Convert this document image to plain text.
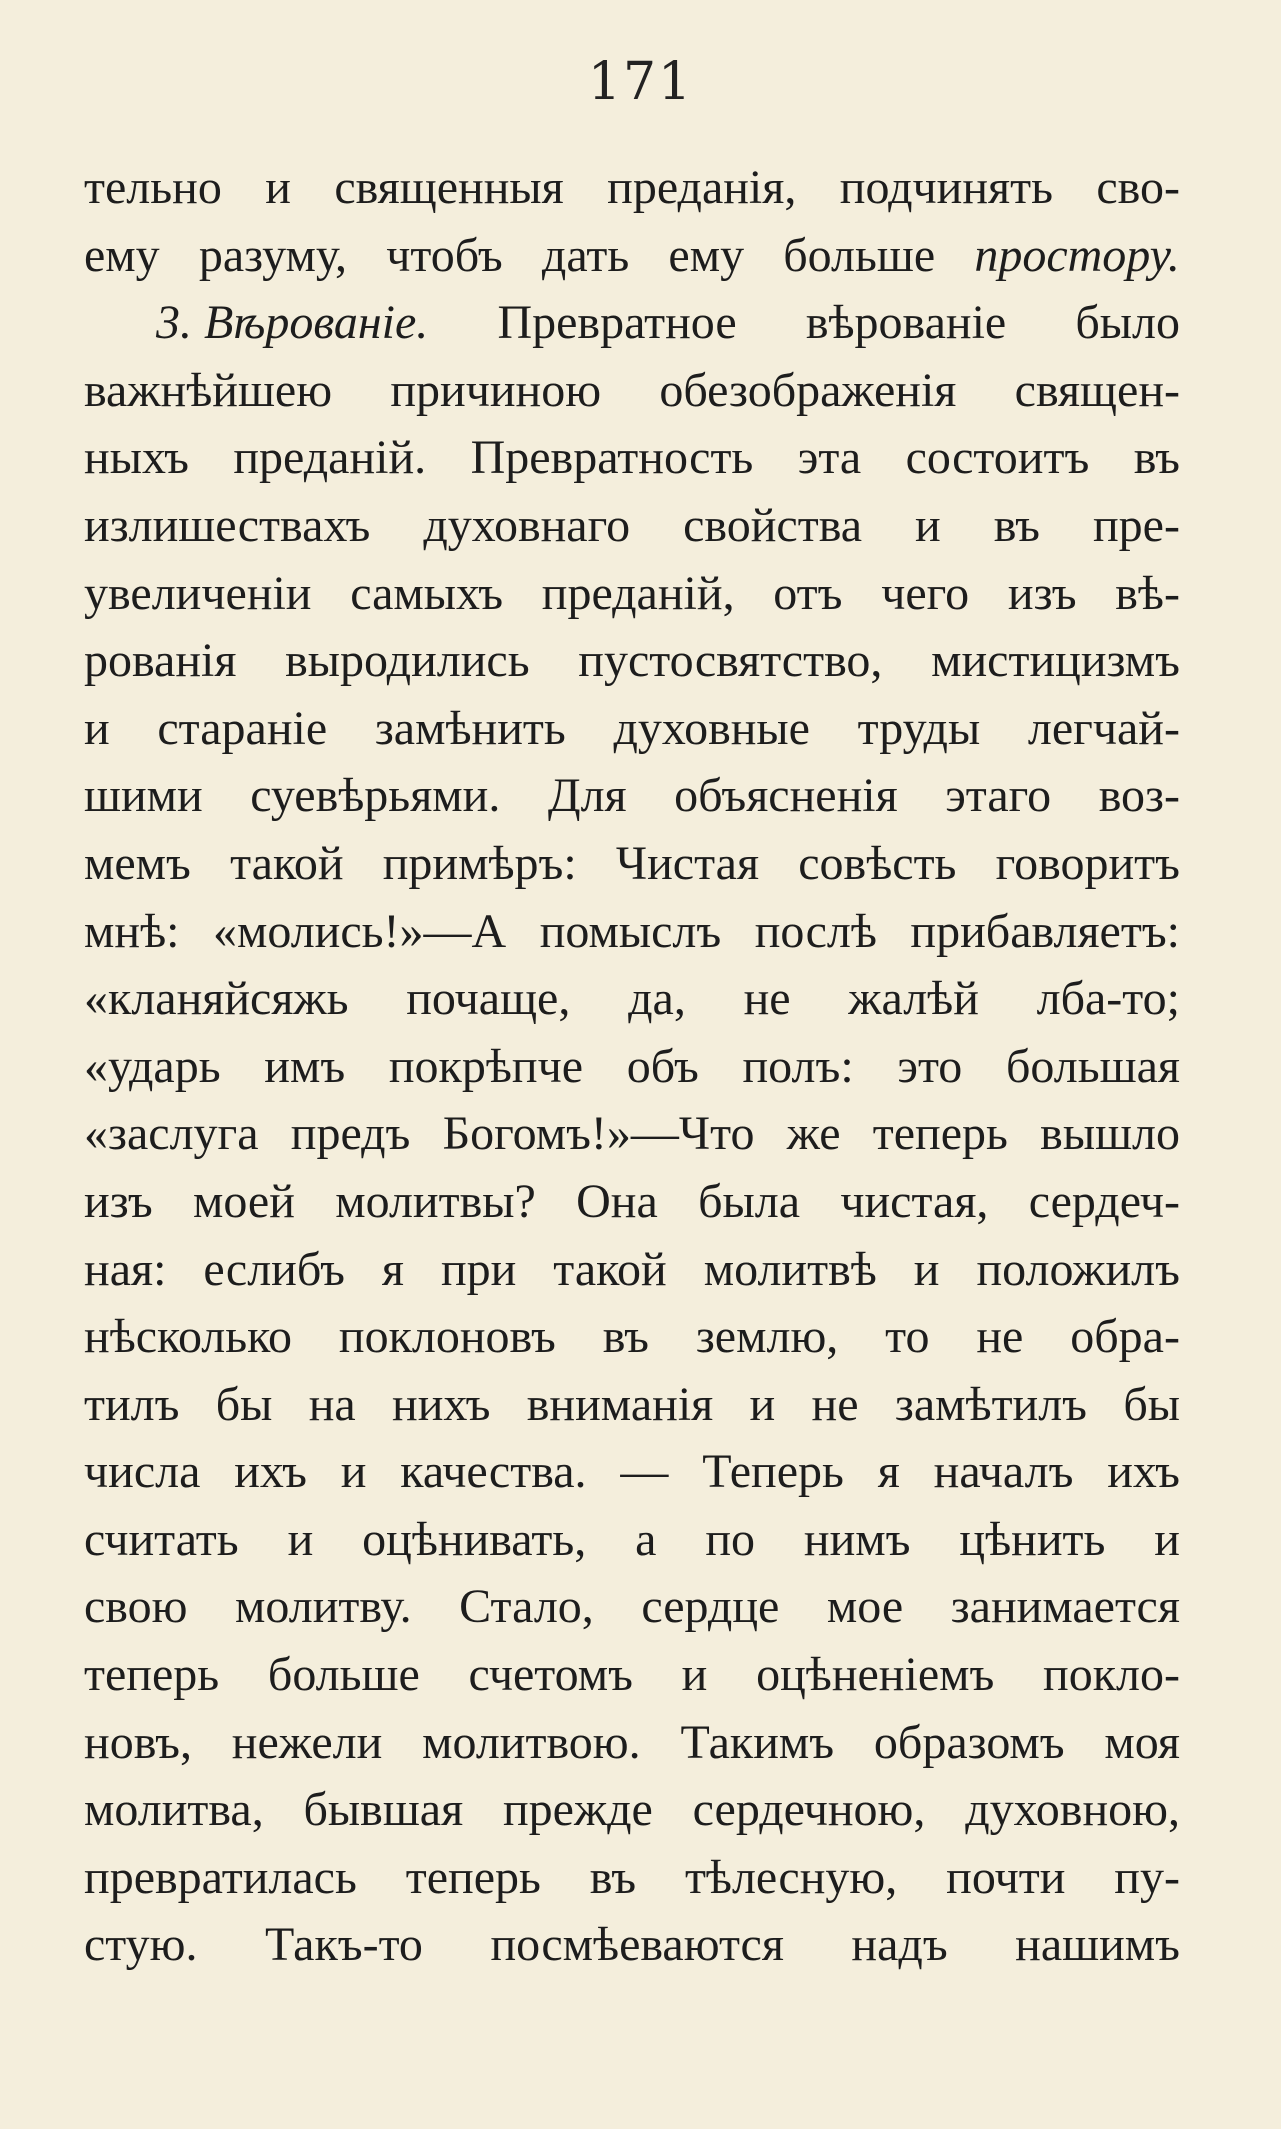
171
тельно и священныя преданія, подчинять сво-
ему разуму, чтобъ дать ему больше простору.
3. Вѣрованіе. Превратное вѣрованіе было
важнѣйшею причиною обезображенія священ-
ныхъ преданій. Превратность эта состоитъ въ
излишествахъ духовнаго свойства и въ пре-
увеличеніи самыхъ преданій, отъ чего изъ вѣ-
рованія выродились пустосвятство, мистицизмъ
и стараніе замѣнить духовные труды легчай-
шими суевѣрьями. Для объясненія этаго воз-
мемъ такой примѣръ: Чистая совѣсть говоритъ
мнѣ: «молись!»—А помыслъ послѣ прибавляетъ:
«кланяйсяжь почаще, да, не жалѣй лба-то;
«ударь имъ покрѣпче объ полъ: это большая
«заслуга предъ Богомъ!»—Что же теперь вышло
изъ моей молитвы? Она была чистая, сердеч-
ная: еслибъ я при такой молитвѣ и положилъ
нѣсколько поклоновъ въ землю, то не обра-
тилъ бы на нихъ вниманія и не замѣтилъ бы
числа ихъ и качества. — Теперь я началъ ихъ
считать и оцѣнивать, а по нимъ цѣнить и
свою молитву. Стало, сердце мое занимается
теперь больше счетомъ и оцѣненіемъ покло-
новъ, нежели молитвою. Такимъ образомъ моя
молитва, бывшая прежде сердечною, духовною,
превратилась теперь въ тѣлесную, почти пу-
стую. Такъ-то посмѣеваются надъ нашимъ
